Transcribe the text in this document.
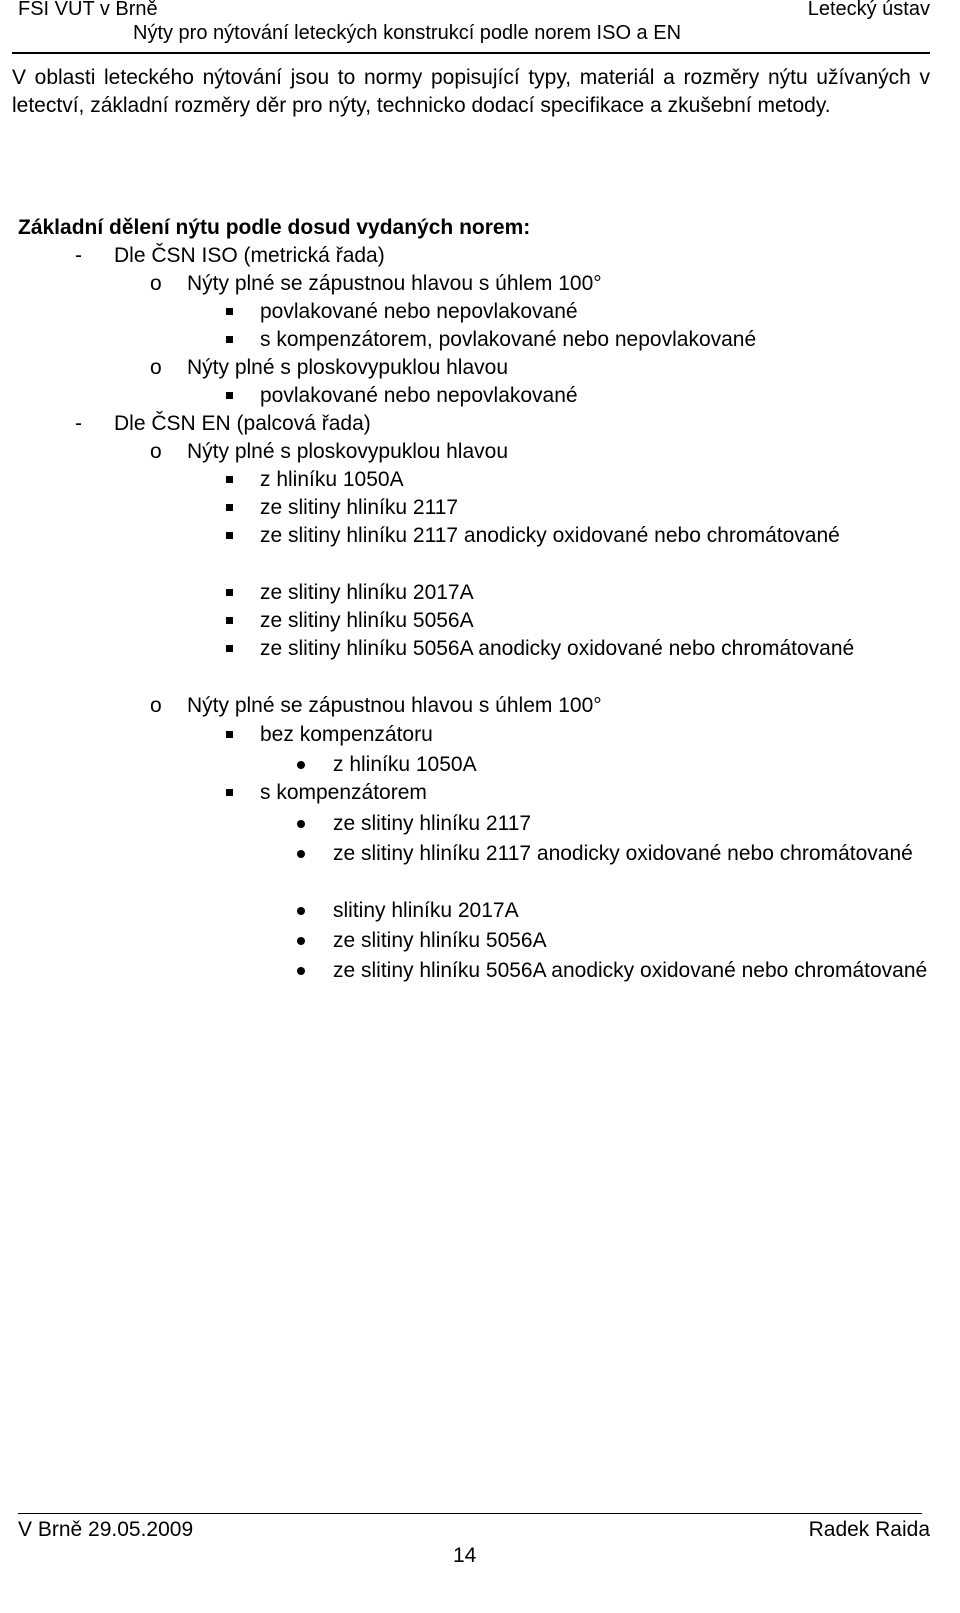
FSI VUT v Brně	Letecký ústav
Nýty pro nýtování leteckých konstrukcí podle norem ISO a EN
V oblasti leteckého nýtování jsou to normy popisující typy, materiál a rozměry nýtu užívaných v letectví, základní rozměry děr pro nýty, technicko dodací specifikace a zkušební metody.
Základní dělení nýtu podle dosud vydaných norem:
- Dle ČSN ISO (metrická řada)
o Nýty plné se zápustnou hlavou s úhlem 100°
povlakované nebo nepovlakované
s kompenzátorem, povlakované nebo nepovlakované
o Nýty plné s ploskovypuklou hlavou
povlakované nebo nepovlakované
- Dle ČSN EN (palcová řada)
o Nýty plné s ploskovypuklou hlavou
z hliníku 1050A
ze slitiny hliníku 2117
ze slitiny hliníku 2117 anodicky oxidované nebo chromátované
ze slitiny hliníku 2017A
ze slitiny hliníku 5056A
ze slitiny hliníku 5056A anodicky oxidované nebo chromátované
o Nýty plné se zápustnou hlavou s úhlem 100°
bez kompenzátoru
z hliníku 1050A
s kompenzátorem
ze slitiny hliníku 2117
ze slitiny hliníku 2117 anodicky oxidované nebo chromátované
slitiny hliníku 2017A
ze slitiny hliníku 5056A
ze slitiny hliníku 5056A anodicky oxidované nebo chromátované
V Brně 29.05.2009	Radek Raida
14
